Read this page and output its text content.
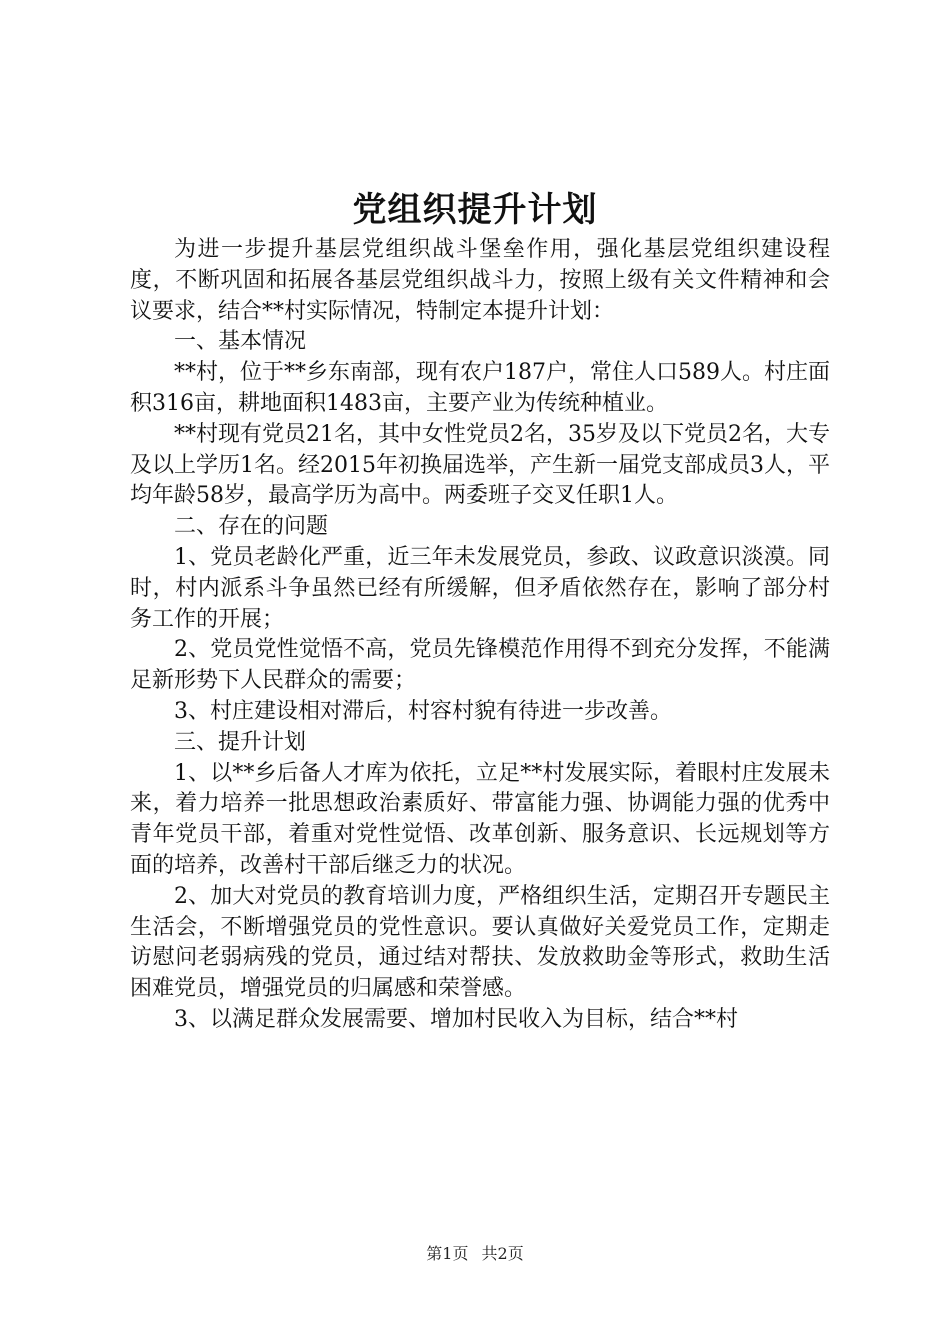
党组织提升计划

为进一步提升基层党组织战斗堡垒作用，强化基层党组织建设程度，不断巩固和拓展各基层党组织战斗力，按照上级有关文件精神和会议要求，结合**村实际情况，特制定本提升计划：

一、基本情况

**村，位于**乡东南部，现有农户187户，常住人口589人。村庄面积316亩，耕地面积1483亩，主要产业为传统种植业。

**村现有党员21名，其中女性党员2名，35岁及以下党员2名，大专及以上学历1名。经2015年初换届选举，产生新一届党支部成员3人，平均年龄58岁，最高学历为高中。两委班子交叉任职1人。

二、存在的问题

1、党员老龄化严重，近三年未发展党员，参政、议政意识淡漠。同时，村内派系斗争虽然已经有所缓解，但矛盾依然存在，影响了部分村务工作的开展；

2、党员党性觉悟不高，党员先锋模范作用得不到充分发挥，不能满足新形势下人民群众的需要；

3、村庄建设相对滞后，村容村貌有待进一步改善。

三、提升计划

1、以**乡后备人才库为依托，立足**村发展实际，着眼村庄发展未来，着力培养一批思想政治素质好、带富能力强、协调能力强的优秀中青年党员干部，着重对党性觉悟、改革创新、服务意识、长远规划等方面的培养，改善村干部后继乏力的状况。

2、加大对党员的教育培训力度，严格组织生活，定期召开专题民主生活会，不断增强党员的党性意识。要认真做好关爱党员工作，定期走访慰问老弱病残的党员，通过结对帮扶、发放救助金等形式，救助生活困难党员，增强党员的归属感和荣誉感。

3、以满足群众发展需要、增加村民收入为目标，结合**村

第1页 共2页
